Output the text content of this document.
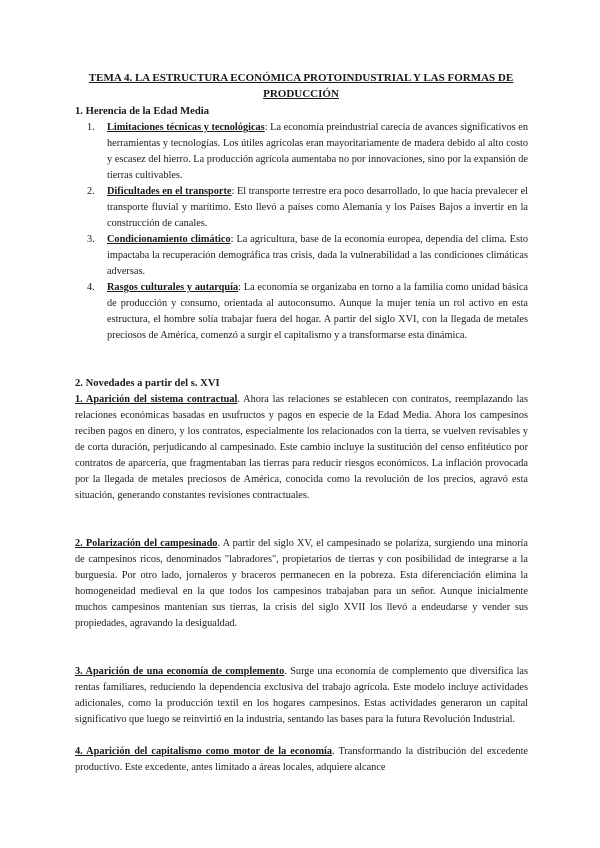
TEMA 4. LA ESTRUCTURA ECONÓMICA PROTOINDUSTRIAL Y LAS FORMAS DE PRODUCCIÓN
1. Herencia de la Edad Media
1. Limitaciones técnicas y tecnológicas: La economía preindustrial carecía de avances significativos en herramientas y tecnologías. Los útiles agrícolas eran mayoritariamente de madera debido al alto costo y escasez del hierro. La producción agrícola aumentaba no por innovaciones, sino por la expansión de tierras cultivables.
2. Dificultades en el transporte: El transporte terrestre era poco desarrollado, lo que hacía prevalecer el transporte fluvial y marítimo. Esto llevó a países como Alemania y los Países Bajos a invertir en la construcción de canales.
3. Condicionamiento climático: La agricultura, base de la economía europea, dependía del clima. Esto impactaba la recuperación demográfica tras crisis, dada la vulnerabilidad a las condiciones climáticas adversas.
4. Rasgos culturales y autarquía: La economía se organizaba en torno a la familia como unidad básica de producción y consumo, orientada al autoconsumo. Aunque la mujer tenía un rol activo en esta estructura, el hombre solía trabajar fuera del hogar. A partir del siglo XVI, con la llegada de metales preciosos de América, comenzó a surgir el capitalismo y a transformarse esta dinámica.
2. Novedades a partir del s. XVI
1. Aparición del sistema contractual. Ahora las relaciones se establecen con contratos, reemplazando las relaciones económicas basadas en usufructos y pagos en especie de la Edad Media. Ahora los campesinos reciben pagos en dinero, y los contratos, especialmente los relacionados con la tierra, se vuelven revisables y de corta duración, perjudicando al campesinado. Este cambio incluye la sustitución del censo enfitéutico por contratos de aparcería, que fragmentaban las tierras para reducir riesgos económicos. La inflación provocada por la llegada de metales preciosos de América, conocida como la revolución de los precios, agravó esta situación, generando constantes revisiones contractuales.
2. Polarización del campesinado. A partir del siglo XV, el campesinado se polariza, surgiendo una minoría de campesinos ricos, denominados "labradores", propietarios de tierras y con posibilidad de integrarse a la burguesía. Por otro lado, jornaleros y braceros permanecen en la pobreza. Esta diferenciación elimina la homogeneidad medieval en la que todos los campesinos trabajaban para un señor. Aunque inicialmente muchos campesinos mantenían sus tierras, la crisis del siglo XVII los llevó a endeudarse y vender sus propiedades, agravando la desigualdad.
3. Aparición de una economía de complemento. Surge una economía de complemento que diversifica las rentas familiares, reduciendo la dependencia exclusiva del trabajo agrícola. Este modelo incluye actividades adicionales, como la producción textil en los hogares campesinos. Estas actividades generaron un capital significativo que luego se reinvirtió en la industria, sentando las bases para la futura Revolución Industrial.
4. Aparición del capitalismo como motor de la economía. Transformando la distribución del excedente productivo. Este excedente, antes limitado a áreas locales, adquiere alcance
